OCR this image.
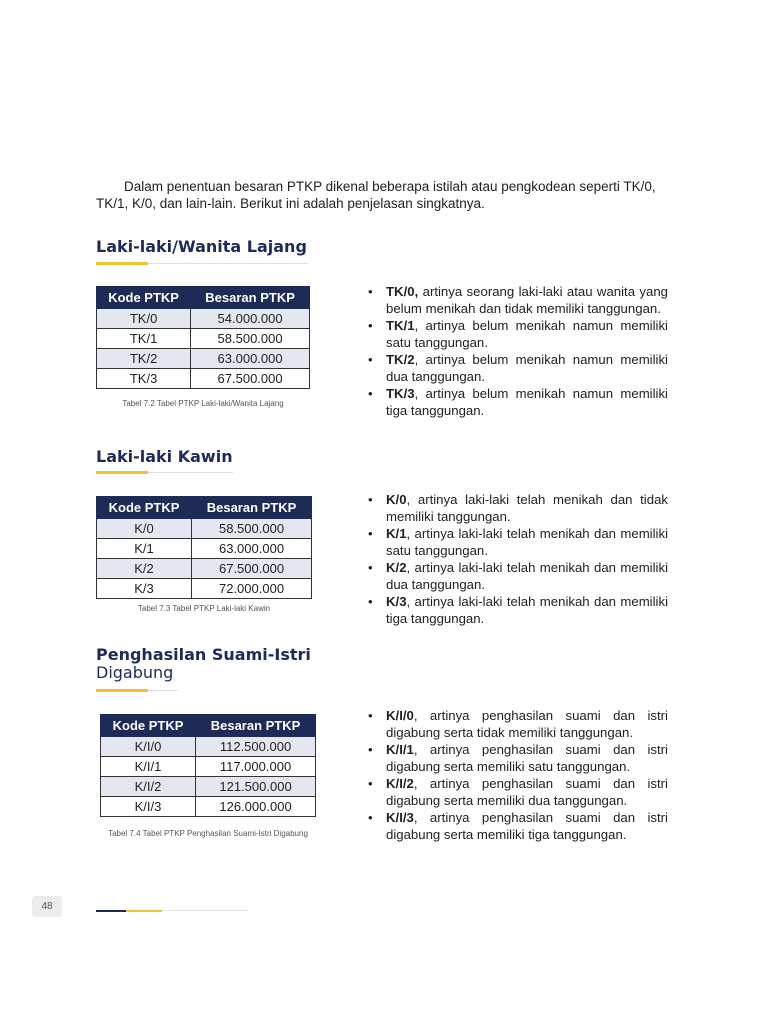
Dalam penentuan besaran PTKP dikenal beberapa istilah atau pengkodean seperti TK/0, TK/1, K/0, dan lain-lain. Berikut ini adalah penjelasan singkatnya.

Laki-laki/Wanita Lajang
Kode PTKP	Besaran PTKP
TK/0	54.000.000
TK/1	58.500.000
TK/2	63.000.000
TK/3	67.500.000
Tabel 7.2 Tabel PTKP Laki-laki/Wanita Lajang
• TK/0, artinya seorang laki-laki atau wanita yang belum menikah dan tidak memiliki tanggungan.
• TK/1, artinya belum menikah namun memiliki satu tanggungan.
• TK/2, artinya belum menikah namun memiliki dua tanggungan.
• TK/3, artinya belum menikah namun memiliki tiga tanggungan.
Laki-laki Kawin
Kode PTKP	Besaran PTKP
K/0	58.500.000
K/1	63.000.000
K/2	67.500.000
K/3	72.000.000
Tabel 7.3 Tabel PTKP Laki-laki Kawin
• K/0, artinya laki-laki telah menikah dan tidak memiliki tanggungan.
• K/1, artinya laki-laki telah menikah dan memiliki satu tanggungan.
• K/2, artinya laki-laki telah menikah dan memiliki dua tanggungan.
• K/3, artinya laki-laki telah menikah dan memiliki tiga tanggungan.
Penghasilan Suami-Istri
Digabung
Kode PTKP	Besaran PTKP
K/I/0	112.500.000
K/I/1	117.000.000
K/I/2	121.500.000
K/I/3	126.000.000
Tabel 7.4 Tabel PTKP Penghasilan Suami-Istri Digabung
• K/I/0, artinya penghasilan suami dan istri digabung serta tidak memiliki tanggungan.
• K/I/1, artinya penghasilan suami dan istri digabung serta memiliki satu tanggungan.
• K/I/2, artinya penghasilan suami dan istri digabung serta memiliki dua tanggungan.
• K/I/3, artinya penghasilan suami dan istri digabung serta memiliki tiga tanggungan.
48
